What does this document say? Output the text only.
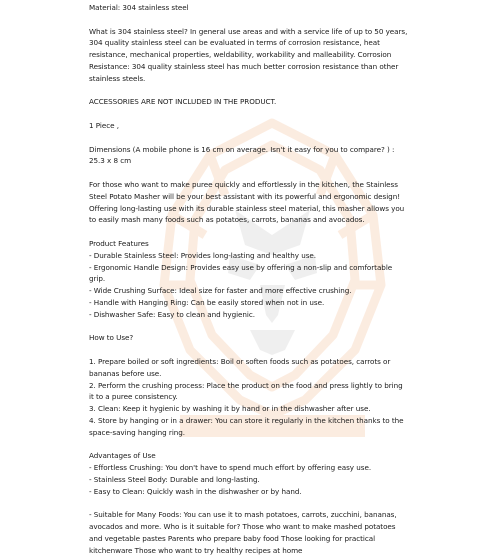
Material: 304 stainless steel

What is 304 stainless steel? In general use areas and with a service life of up to 50 years, 304 quality stainless steel can be evaluated in terms of corrosion resistance, heat resistance, mechanical properties, weldability, workability and malleability. Corrosion Resistance: 304 quality stainless steel has much better corrosion resistance than other stainless steels.

ACCESSORIES ARE NOT INCLUDED IN THE PRODUCT.

1 Piece ,

Dimensions (A mobile phone is 16 cm on average. Isn't it easy for you to compare? ) : 25.3 x 8 cm

For those who want to make puree quickly and effortlessly in the kitchen, the Stainless Steel Potato Masher will be your best assistant with its powerful and ergonomic design!

Offering long-lasting use with its durable stainless steel material, this masher allows you to easily mash many foods such as potatoes, carrots, bananas and avocados.

Product Features

- Durable Stainless Steel: Provides long-lasting and healthy use.

- Ergonomic Handle Design: Provides easy use by offering a non-slip and comfortable grip.

- Wide Crushing Surface: Ideal size for faster and more effective crushing.

- Handle with Hanging Ring: Can be easily stored when not in use.

- Dishwasher Safe: Easy to clean and hygienic.

How to Use?

1. Prepare boiled or soft ingredients: Boil or soften foods such as potatoes, carrots or bananas before use.

2. Perform the crushing process: Place the product on the food and press lightly to bring it to a puree consistency.

3. Clean: Keep it hygienic by washing it by hand or in the dishwasher after use.

4. Store by hanging or in a drawer: You can store it regularly in the kitchen thanks to the space-saving hanging ring.

Advantages of Use

- Effortless Crushing: You don't have to spend much effort by offering easy use.

- Stainless Steel Body: Durable and long-lasting.

- Easy to Clean: Quickly wash in the dishwasher or by hand.

- Suitable for Many Foods: You can use it to mash potatoes, carrots, zucchini, bananas, avocados and more. Who is it suitable for? Those who want to make mashed potatoes and vegetable pastes Parents who prepare baby food Those looking for practical kitchenware Those who want to try healthy recipes at home
